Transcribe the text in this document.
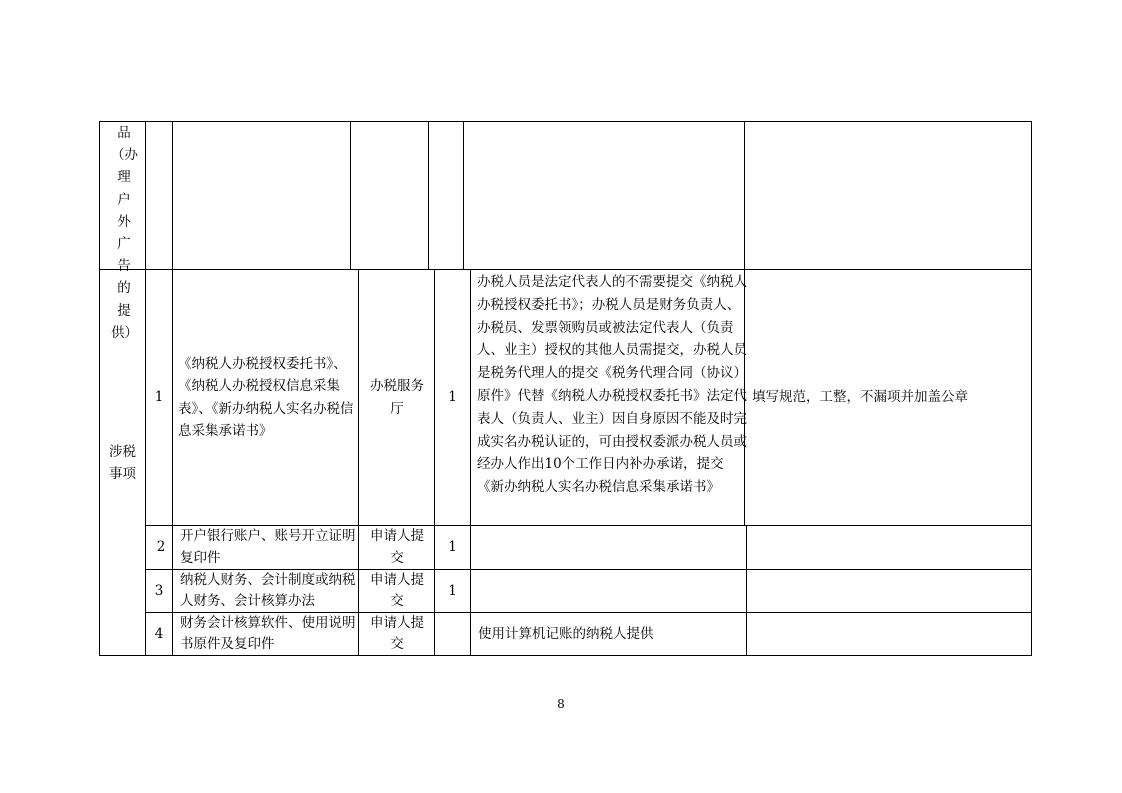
品（办理户外广告的提供）
涉税事项
1
《纳税人办税授权委托书》、《纳税人办税授权信息采集表》、《新办纳税人实名办税信息采集承诺书》
办税服务厅
1
办税人员是法定代表人的不需要提交《纳税人办税授权委托书》；办税人员是财务负责人、办税员、发票领购员或被法定代表人（负责人、业主）授权的其他人员需提交，办税人员是税务代理人的提交《税务代理合同（协议）原件》代替《纳税人办税授权委托书》法定代表人（负责人、业主）因自身原因不能及时完成实名办税认证的，可由授权委派办税人员或经办人作出10个工作日内补办承诺，提交《新办纳税人实名办税信息采集承诺书》
填写规范，工整，不漏项并加盖公章
2
开户银行账户、账号开立证明复印件
申请人提交
1
3
纳税人财务、会计制度或纳税人财务、会计核算办法
申请人提交
1
4
财务会计核算软件、使用说明书原件及复印件
申请人提交
使用计算机记账的纳税人提供
8
